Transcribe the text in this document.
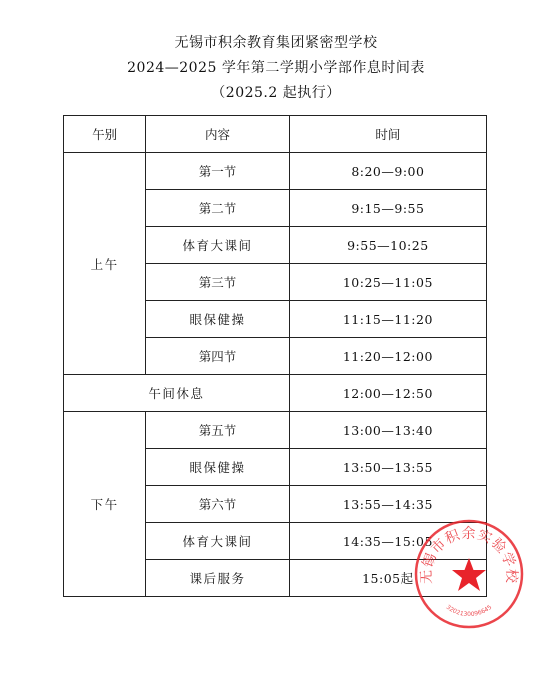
无锡市积余教育集团紧密型学校
2024—2025 学年第二学期小学部作息时间表
（2025.2 起执行）
午别	内容	时间
上午	第一节	8:20—9:00
	第二节	9:15—9:55
	体育大课间	9:55—10:25
	第三节	10:25—11:05
	眼保健操	11:15—11:20
	第四节	11:20—12:00
午间休息		12:00—12:50
下午	第五节	13:00—13:40
	眼保健操	13:50—13:55
	第六节	13:55—14:35
	体育大课间	14:35—15:05
	课后服务	15:05起 无锡市积余实验学校
3202130096645
